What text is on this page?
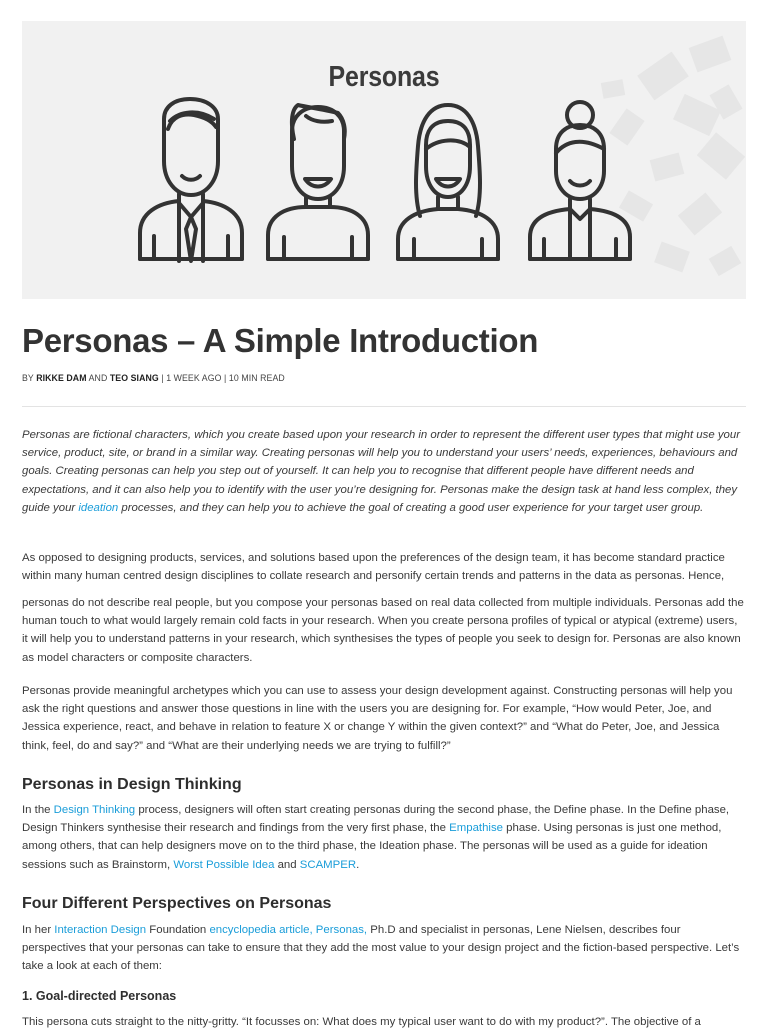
Personas
Personas – A Simple Introduction
BY RIKKE DAM AND TEO SIANG | 1 WEEK AGO | 10 MIN READ

Personas are fictional characters, which you create based upon your research in order to represent the different user types that might use your service, product, site, or brand in a similar way. Creating personas will help you to understand your users’ needs, experiences, behaviours and goals. Creating personas can help you step out of yourself. It can help you to recognise that different people have different needs and expectations, and it can also help you to identify with the user you’re designing for. Personas make the design task at hand less complex, they guide your ideation processes, and they can help you to achieve the goal of creating a good user experience for your target user group.

As opposed to designing products, services, and solutions based upon the preferences of the design team, it has become standard practice within many human centred design disciplines to collate research and personify certain trends and patterns in the data as personas. Hence,

personas do not describe real people, but you compose your personas based on real data collected from multiple individuals. Personas add the human touch to what would largely remain cold facts in your research. When you create persona profiles of typical or atypical (extreme) users, it will help you to understand patterns in your research, which synthesises the types of people you seek to design for. Personas are also known as model characters or composite characters.

Personas provide meaningful archetypes which you can use to assess your design development against. Constructing personas will help you ask the right questions and answer those questions in line with the users you are designing for. For example, “How would Peter, Joe, and Jessica experience, react, and behave in relation to feature X or change Y within the given context?” and “What do Peter, Joe, and Jessica think, feel, do and say?” and “What are their underlying needs we are trying to fulfill?”

Personas in Design Thinking

In the Design Thinking process, designers will often start creating personas during the second phase, the Define phase. In the Define phase, Design Thinkers synthesise their research and findings from the very first phase, the Empathise phase. Using personas is just one method, among others, that can help designers move on to the third phase, the Ideation phase. The personas will be used as a guide for ideation sessions such as Brainstorm, Worst Possible Idea and SCAMPER.

Four Different Perspectives on Personas

In her Interaction Design Foundation encyclopedia article, Personas, Ph.D and specialist in personas, Lene Nielsen, describes four perspectives that your personas can take to ensure that they add the most value to your design project and the fiction-based perspective. Let’s take a look at each of them:

1. Goal-directed Personas

This persona cuts straight to the nitty-gritty. “It focusses on: What does my typical user want to do with my product?”. The objective of a
